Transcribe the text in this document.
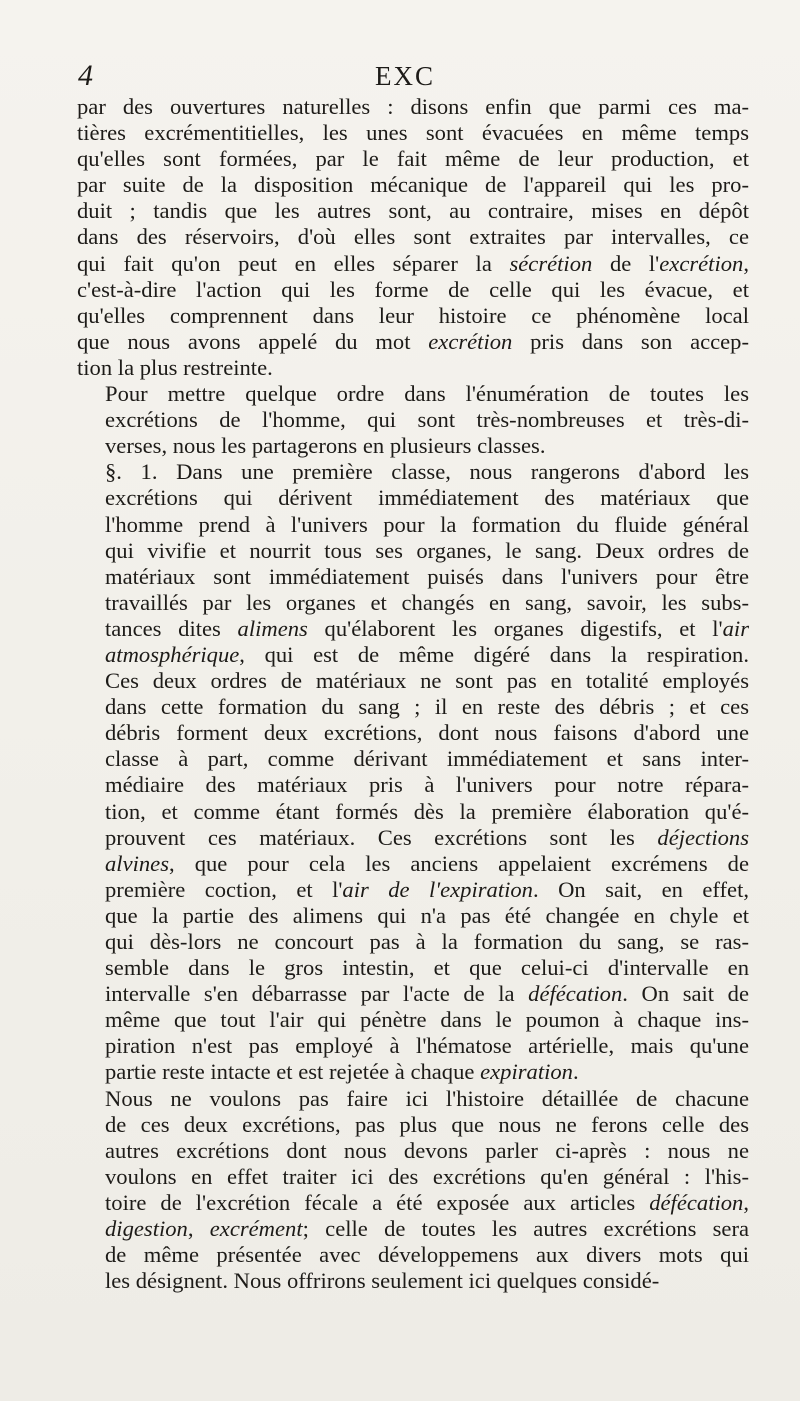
4	EXC

par des ouvertures naturelles : disons enfin que parmi ces ma-
tières excrémentitielles, les unes sont évacuées en même temps
qu'elles sont formées, par le fait même de leur production, et
par suite de la disposition mécanique de l'appareil qui les pro-
duit ; tandis que les autres sont, au contraire, mises en dépôt
dans des réservoirs, d'où elles sont extraites par intervalles, ce
qui fait qu'on peut en elles séparer la sécrétion de l'excrétion,
c'est-à-dire l'action qui les forme de celle qui les évacue, et
qu'elles comprennent dans leur histoire ce phénomène local
que nous avons appelé du mot excrétion pris dans son accep-
tion la plus restreinte.

Pour mettre quelque ordre dans l'énumération de toutes les
excrétions de l'homme, qui sont très-nombreuses et très-di-
verses, nous les partagerons en plusieurs classes.

§. 1. Dans une première classe, nous rangerons d'abord les
excrétions qui dérivent immédiatement des matériaux que
l'homme prend à l'univers pour la formation du fluide général
qui vivifie et nourrit tous ses organes, le sang. Deux ordres de
matériaux sont immédiatement puisés dans l'univers pour être
travaillés par les organes et changés en sang, savoir, les subs-
tances dites alimens qu'élaborent les organes digestifs, et l'air
atmosphérique, qui est de même digéré dans la respiration.
Ces deux ordres de matériaux ne sont pas en totalité employés
dans cette formation du sang ; il en reste des débris ; et ces
débris forment deux excrétions, dont nous faisons d'abord une
classe à part, comme dérivant immédiatement et sans inter-
médiaire des matériaux pris à l'univers pour notre répara-
tion, et comme étant formés dès la première élaboration qu'é-
prouvent ces matériaux. Ces excrétions sont les déjections
alvines, que pour cela les anciens appelaient excrémens de
première coction, et l'air de l'expiration. On sait, en effet,
que la partie des alimens qui n'a pas été changée en chyle et
qui dès-lors ne concourt pas à la formation du sang, se ras-
semble dans le gros intestin, et que celui-ci d'intervalle en
intervalle s'en débarrasse par l'acte de la défécation. On sait de
même que tout l'air qui pénètre dans le poumon à chaque ins-
piration n'est pas employé à l'hématose artérielle, mais qu'une
partie reste intacte et est rejetée à chaque expiration.

Nous ne voulons pas faire ici l'histoire détaillée de chacune
de ces deux excrétions, pas plus que nous ne ferons celle des
autres excrétions dont nous devons parler ci-après : nous ne
voulons en effet traiter ici des excrétions qu'en général : l'his-
toire de l'excrétion fécale a été exposée aux articles défécation,
digestion, excrément; celle de toutes les autres excrétions sera
de même présentée avec développemens aux divers mots qui
les désignent. Nous offrirons seulement ici quelques considé-
